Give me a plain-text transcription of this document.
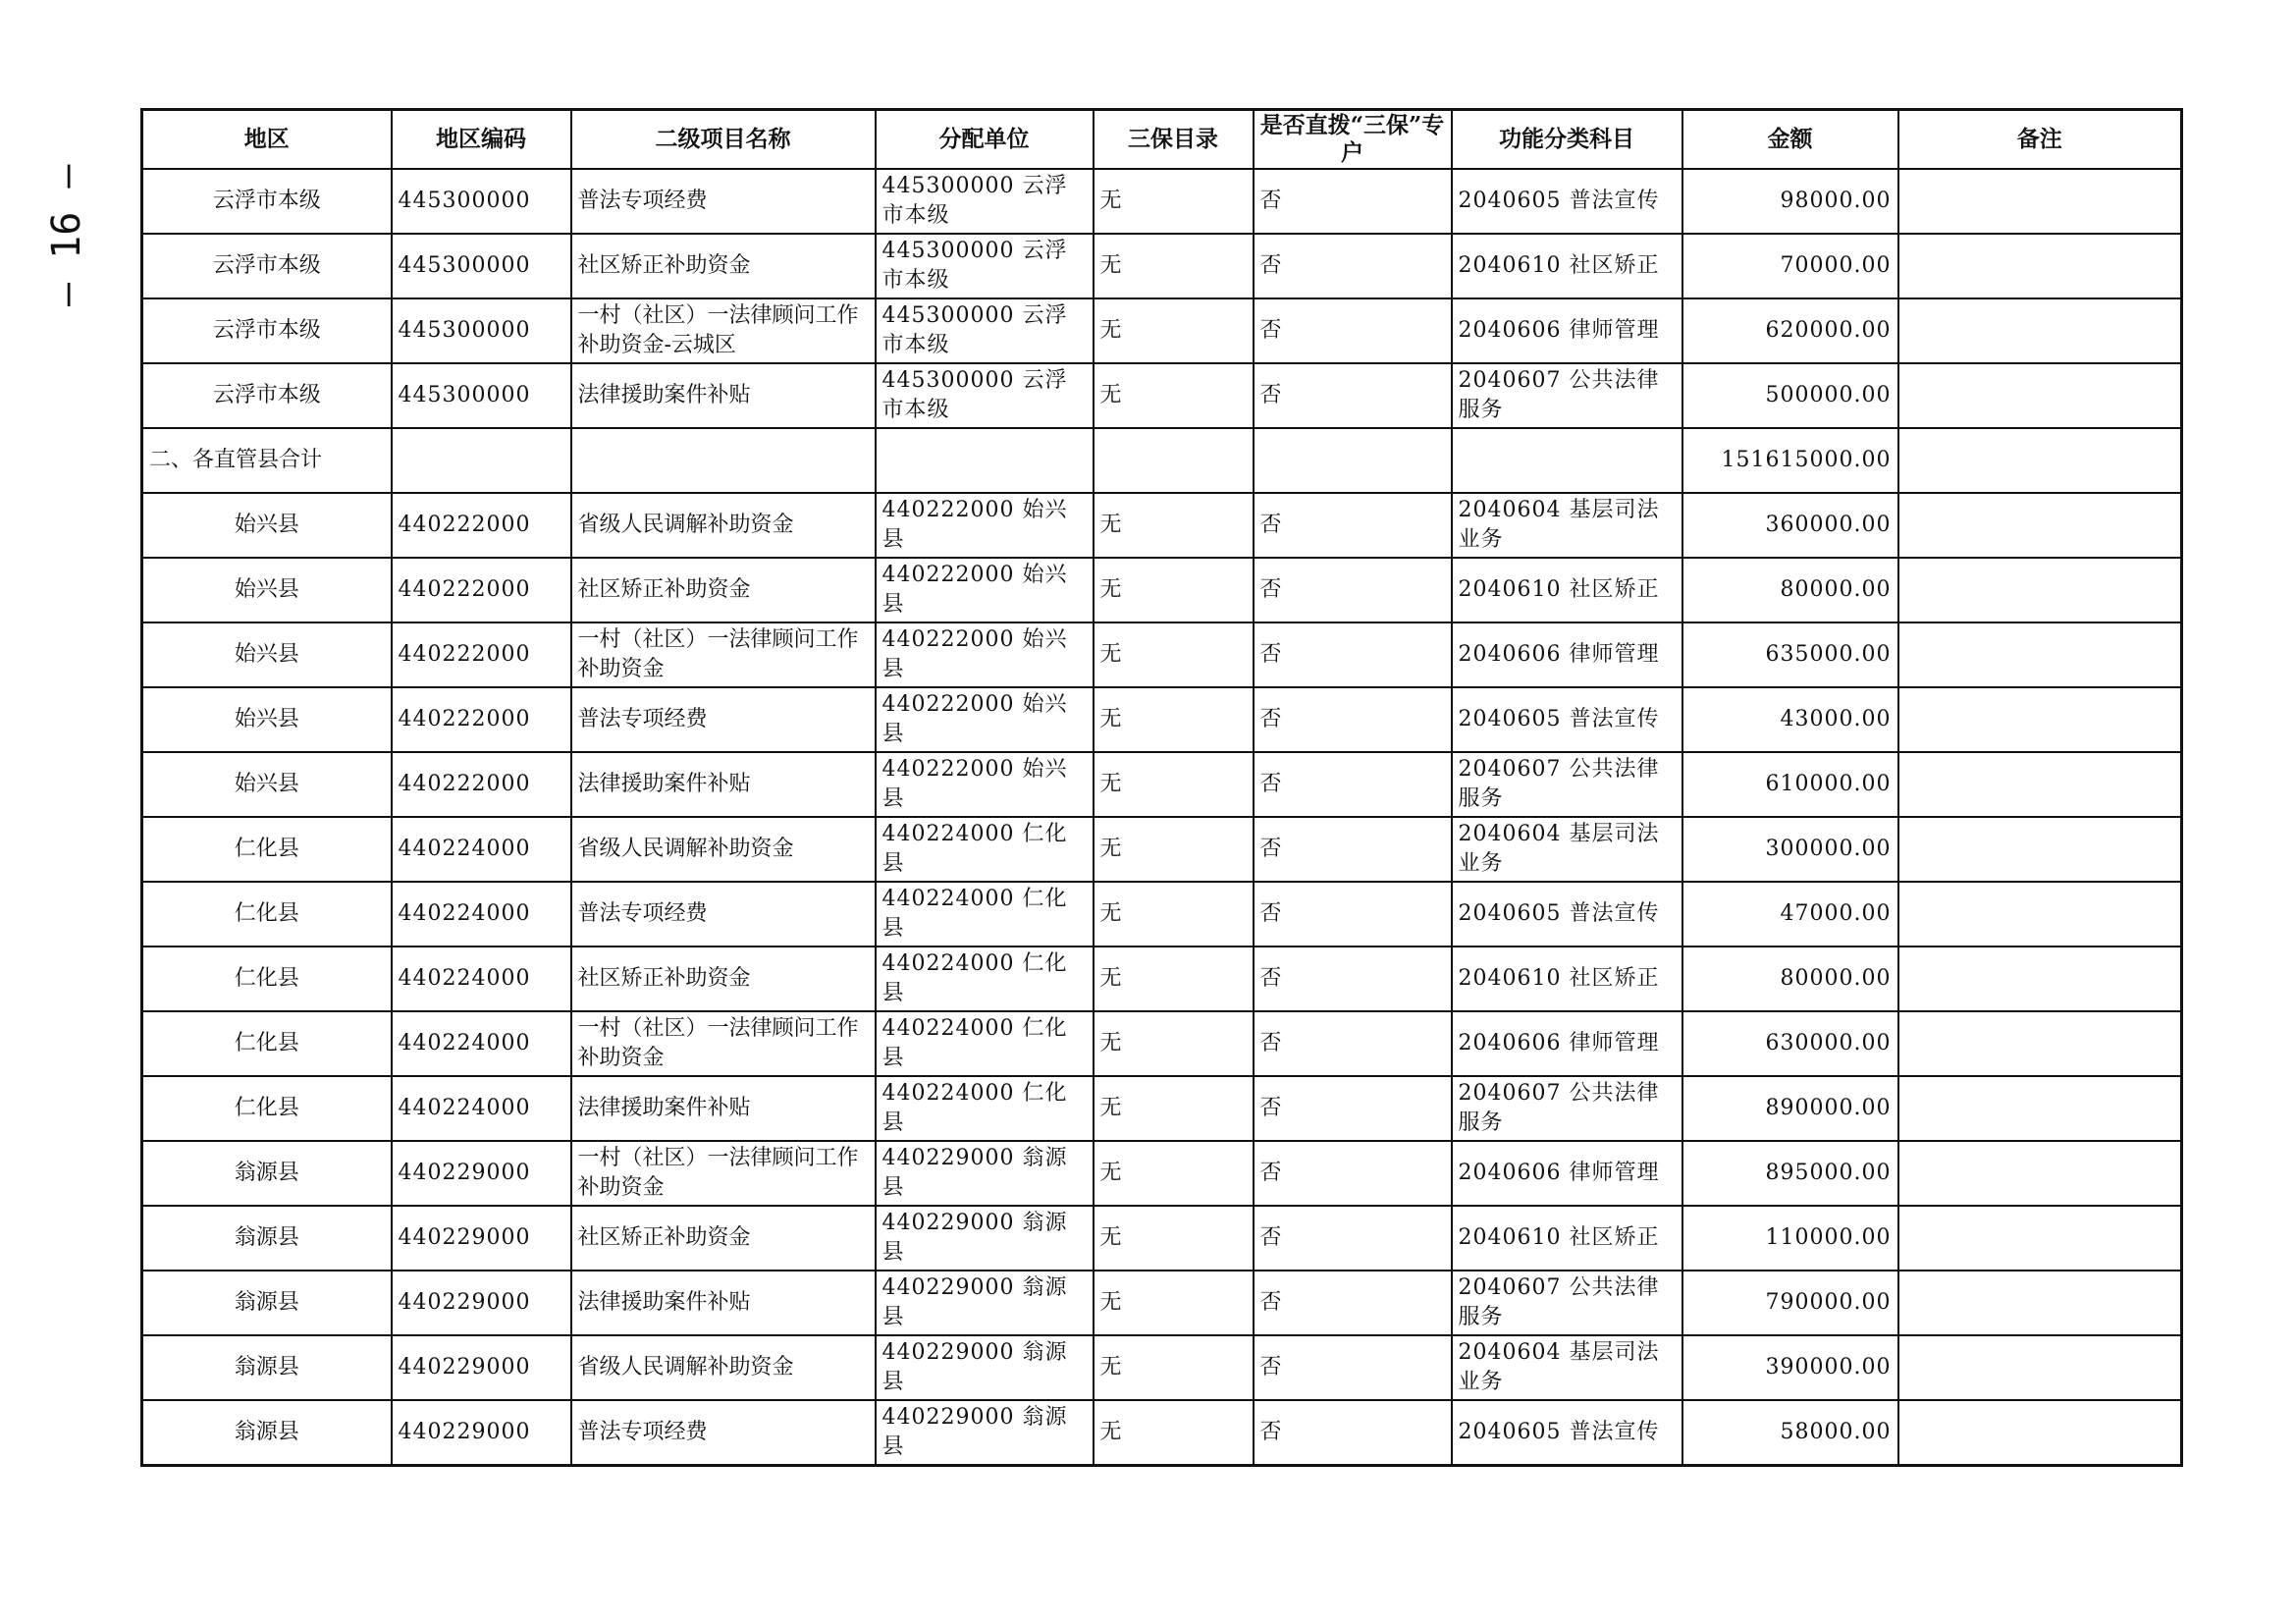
— 16 —
地区	地区编码	二级项目名称	分配单位	三保目录	是否直拨“三保”专户	功能分类科目	金额	备注
云浮市本级	445300000	普法专项经费	445300000 云浮市本级	无	否	2040605 普法宣传	98000.00	
云浮市本级	445300000	社区矫正补助资金	445300000 云浮市本级	无	否	2040610 社区矫正	70000.00	
云浮市本级	445300000	一村（社区）一法律顾问工作补助资金-云城区	445300000 云浮市本级	无	否	2040606 律师管理	620000.00	
云浮市本级	445300000	法律援助案件补贴	445300000 云浮市本级	无	否	2040607 公共法律服务	500000.00	
二、各直管县合计							151615000.00	
始兴县	440222000	省级人民调解补助资金	440222000 始兴县	无	否	2040604 基层司法业务	360000.00	
始兴县	440222000	社区矫正补助资金	440222000 始兴县	无	否	2040610 社区矫正	80000.00	
始兴县	440222000	一村（社区）一法律顾问工作补助资金	440222000 始兴县	无	否	2040606 律师管理	635000.00	
始兴县	440222000	普法专项经费	440222000 始兴县	无	否	2040605 普法宣传	43000.00	
始兴县	440222000	法律援助案件补贴	440222000 始兴县	无	否	2040607 公共法律服务	610000.00	
仁化县	440224000	省级人民调解补助资金	440224000 仁化县	无	否	2040604 基层司法业务	300000.00	
仁化县	440224000	普法专项经费	440224000 仁化县	无	否	2040605 普法宣传	47000.00	
仁化县	440224000	社区矫正补助资金	440224000 仁化县	无	否	2040610 社区矫正	80000.00	
仁化县	440224000	一村（社区）一法律顾问工作补助资金	440224000 仁化县	无	否	2040606 律师管理	630000.00	
仁化县	440224000	法律援助案件补贴	440224000 仁化县	无	否	2040607 公共法律服务	890000.00	
翁源县	440229000	一村（社区）一法律顾问工作补助资金	440229000 翁源县	无	否	2040606 律师管理	895000.00	
翁源县	440229000	社区矫正补助资金	440229000 翁源县	无	否	2040610 社区矫正	110000.00	
翁源县	440229000	法律援助案件补贴	440229000 翁源县	无	否	2040607 公共法律服务	790000.00	
翁源县	440229000	省级人民调解补助资金	440229000 翁源县	无	否	2040604 基层司法业务	390000.00	
翁源县	440229000	普法专项经费	440229000 翁源县	无	否	2040605 普法宣传	58000.00	
